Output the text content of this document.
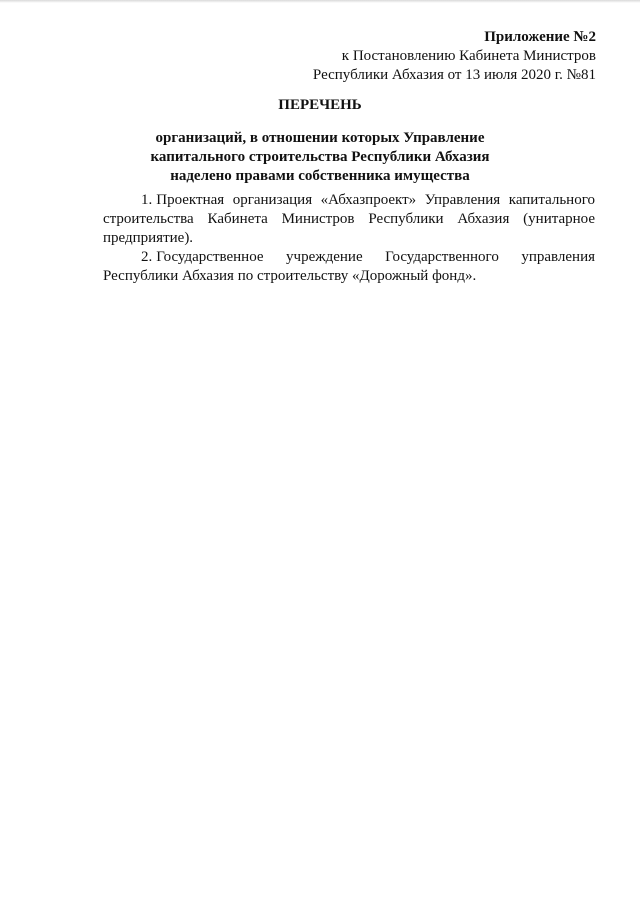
Приложение №2
к Постановлению Кабинета Министров
Республики Абхазия от 13 июля 2020 г. №81
ПЕРЕЧЕНЬ
организаций, в отношении которых Управление
капитального строительства Республики Абхазия
наделено правами собственника имущества

1. Проектная организация «Абхазпроект» Управления капитального строительства Кабинета Министров Республики Абхазия (унитарное предприятие).

2. Государственное учреждение Государственного управления Республики Абхазия по строительству «Дорожный фонд».
